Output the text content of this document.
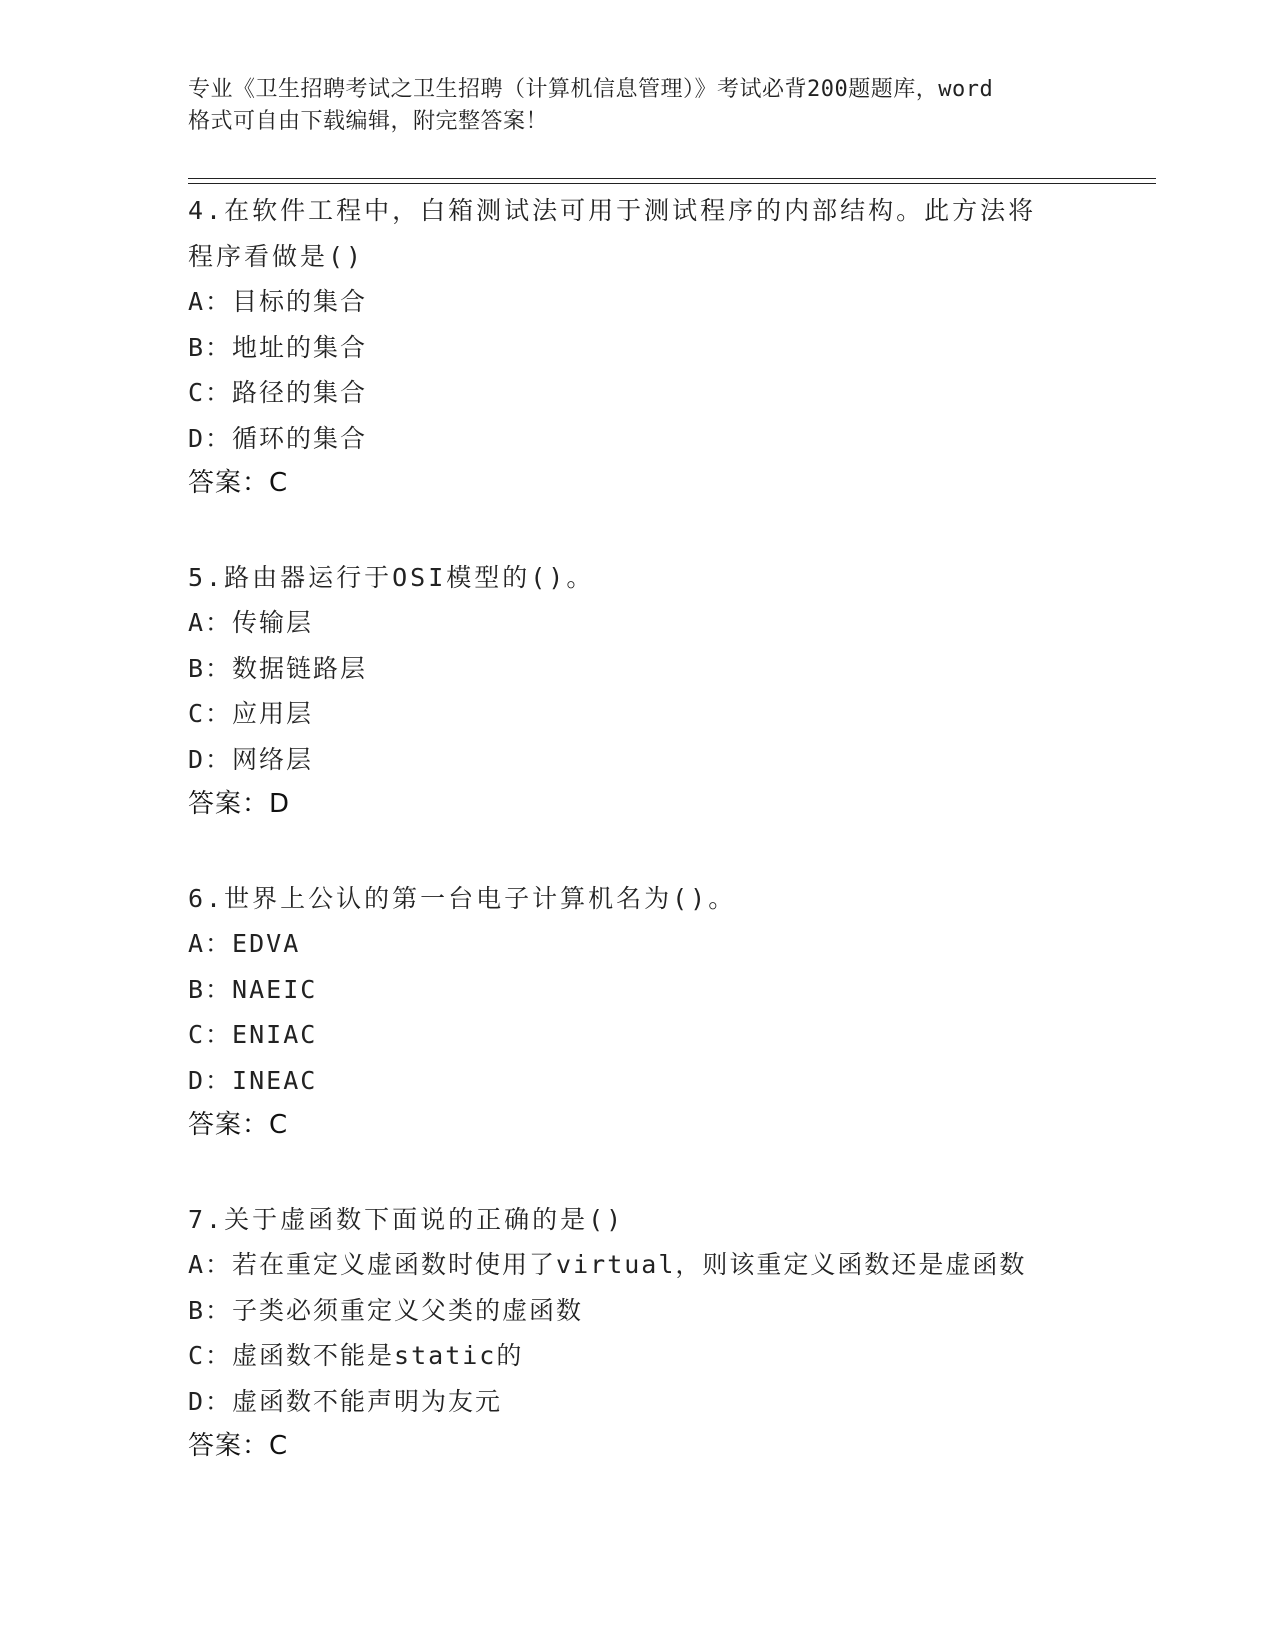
专业《卫生招聘考试之卫生招聘（计算机信息管理）》考试必背200题题库，word
格式可自由下载编辑，附完整答案！
4.在软件工程中，白箱测试法可用于测试程序的内部结构。此方法将
程序看做是()
A：目标的集合
B：地址的集合
C：路径的集合
D：循环的集合
答案：C
5.路由器运行于OSI模型的()。
A：传输层
B：数据链路层
C：应用层
D：网络层
答案：D
6.世界上公认的第一台电子计算机名为()。
A：EDVA
B：NAEIC
C：ENIAC
D：INEAC
答案：C
7.关于虚函数下面说的正确的是()
A：若在重定义虚函数时使用了virtual，则该重定义函数还是虚函数
B：子类必须重定义父类的虚函数
C：虚函数不能是static的
D：虚函数不能声明为友元
答案：C
